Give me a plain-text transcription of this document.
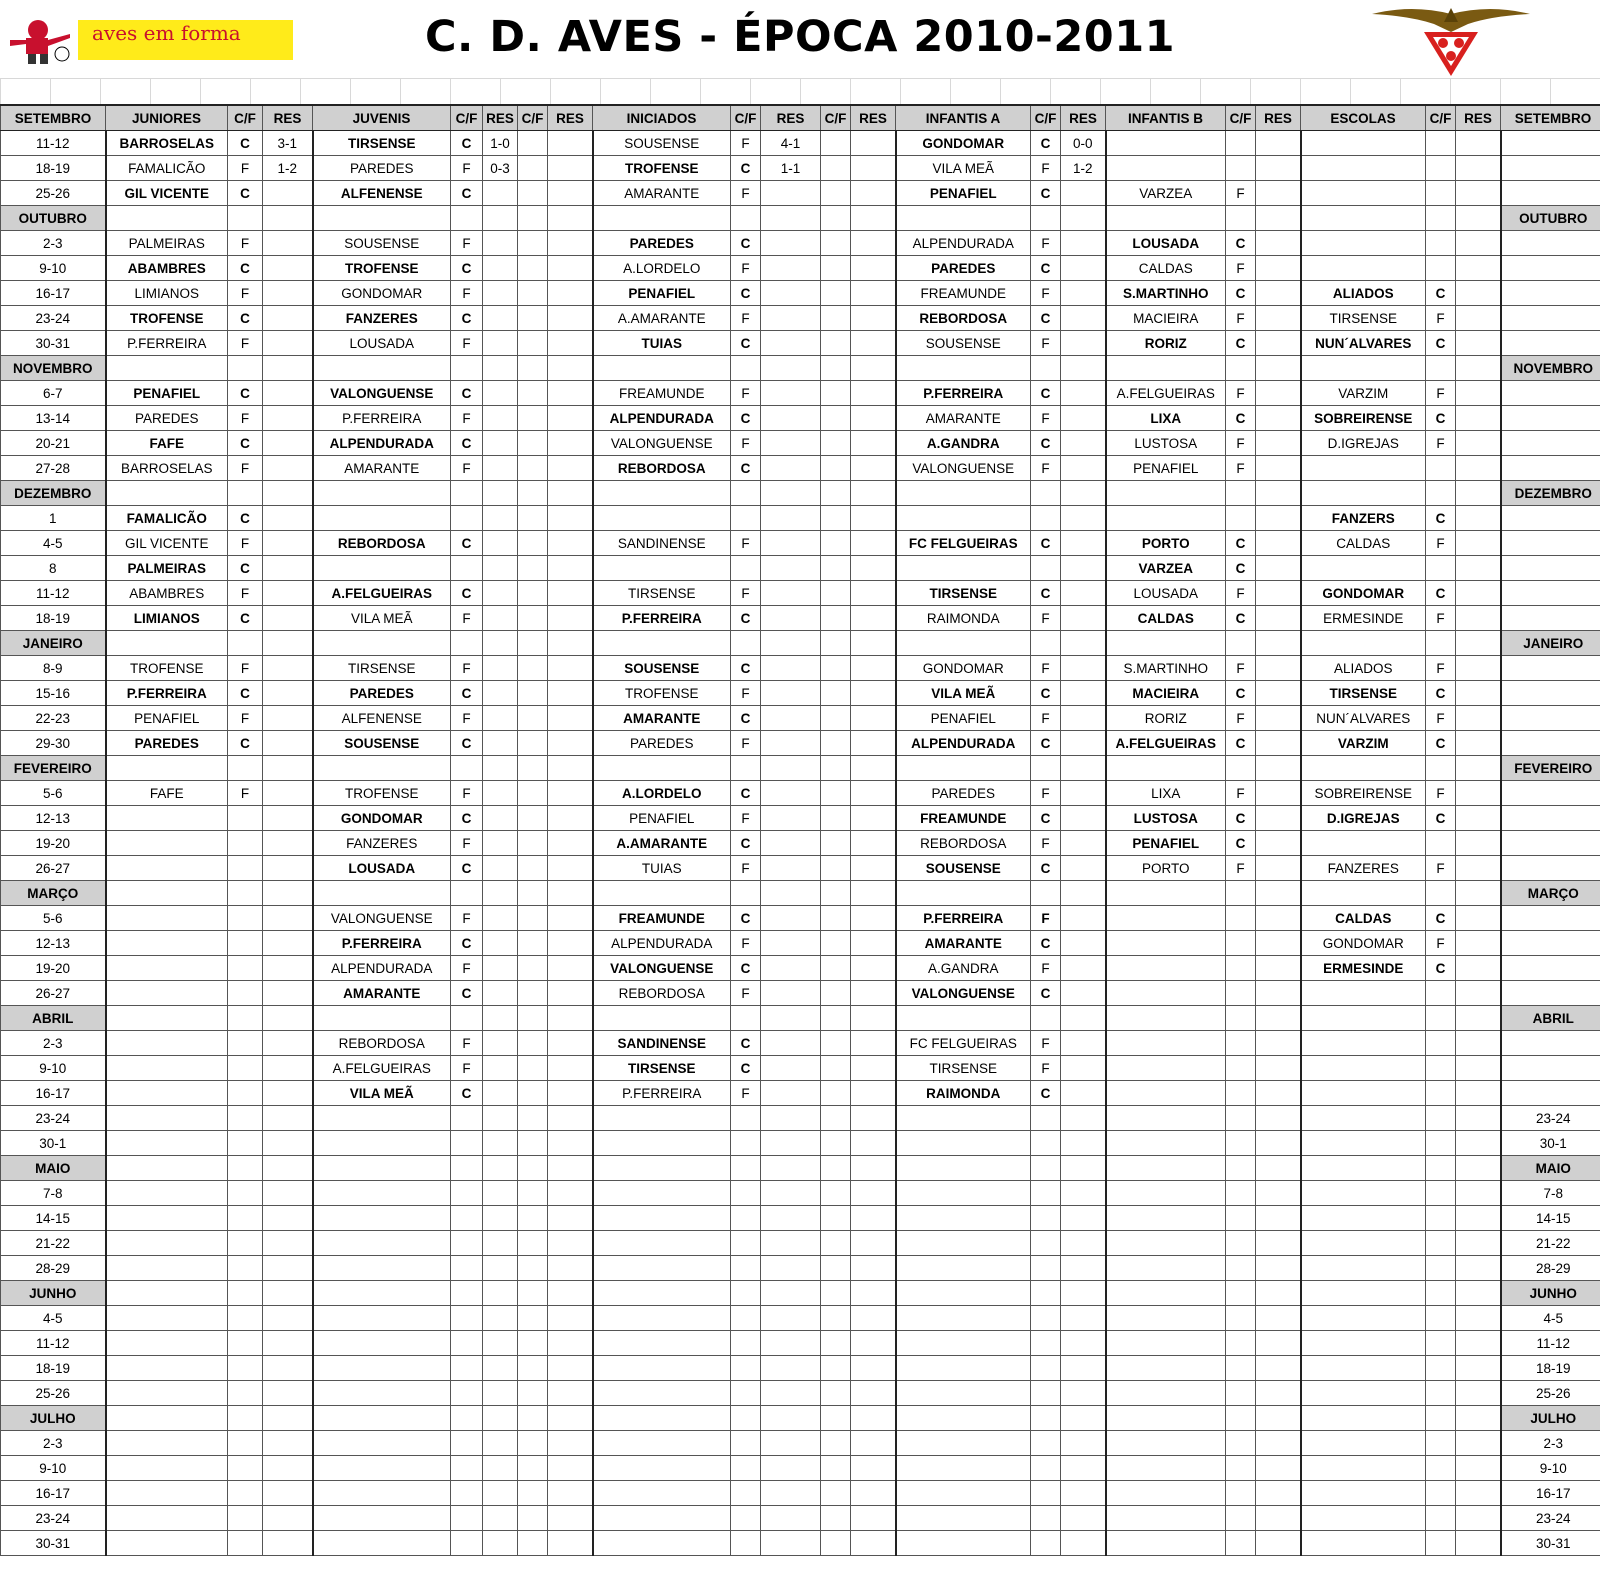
aves em forma	C. D. AVES - ÉPOCA 2010-2011
SETEMBRO	JUNIORES	C/F	RES	JUVENIS	C/F	RES	C/F	RES	INICIADOS	C/F	RES	C/F	RES	INFANTIS A	C/F	RES	INFANTIS B	C/F	RES	ESCOLAS	C/F	RES	SETEMBRO	
11-12	BARROSELAS	C	3-1	TIRSENSE	C	1-0			SOUSENSE	F	4-1			GONDOMAR	C	0-0								
18-19	FAMALICÃO	F	1-2	PAREDES	F	0-3			TROFENSE	C	1-1			VILA MEÃ	F	1-2								
25-26	GIL VICENTE	C		ALFENENSE	C				AMARANTE	F				PENAFIEL	C		VARZEA	F						
OUTUBRO																							OUTUBRO	
2-3	PALMEIRAS	F		SOUSENSE	F				PAREDES	C				ALPENDURADA	F		LOUSADA	C						
9-10	ABAMBRES	C		TROFENSE	C				A.LORDELO	F				PAREDES	C		CALDAS	F						
16-17	LIMIANOS	F		GONDOMAR	F				PENAFIEL	C				FREAMUNDE	F		S.MARTINHO	C		ALIADOS	C			
23-24	TROFENSE	C		FANZERES	C				A.AMARANTE	F				REBORDOSA	C		MACIEIRA	F		TIRSENSE	F			
30-31	P.FERREIRA	F		LOUSADA	F				TUIAS	C				SOUSENSE	F		RORIZ	C		NUN´ALVARES	C			
NOVEMBRO																							NOVEMBRO	
6-7	PENAFIEL	C		VALONGUENSE	C				FREAMUNDE	F				P.FERREIRA	C		A.FELGUEIRAS	F		VARZIM	F			
13-14	PAREDES	F		P.FERREIRA	F				ALPENDURADA	C				AMARANTE	F		LIXA	C		SOBREIRENSE	C			
20-21	FAFE	C		ALPENDURADA	C				VALONGUENSE	F				A.GANDRA	C		LUSTOSA	F		D.IGREJAS	F			
27-28	BARROSELAS	F		AMARANTE	F				REBORDOSA	C				VALONGUENSE	F		PENAFIEL	F						
DEZEMBRO																							DEZEMBRO	
1	FAMALICÃO	C																		FANZERS	C			
4-5	GIL VICENTE	F		REBORDOSA	C				SANDINENSE	F				FC FELGUEIRAS	C		PORTO	C		CALDAS	F			
8	PALMEIRAS	C															VARZEA	C						
11-12	ABAMBRES	F		A.FELGUEIRAS	C				TIRSENSE	F				TIRSENSE	C		LOUSADA	F		GONDOMAR	C			
18-19	LIMIANOS	C		VILA MEÃ	F				P.FERREIRA	C				RAIMONDA	F		CALDAS	C		ERMESINDE	F			
JANEIRO																							JANEIRO	
8-9	TROFENSE	F		TIRSENSE	F				SOUSENSE	C				GONDOMAR	F		S.MARTINHO	F		ALIADOS	F			
15-16	P.FERREIRA	C		PAREDES	C				TROFENSE	F				VILA MEÃ	C		MACIEIRA	C		TIRSENSE	C			
22-23	PENAFIEL	F		ALFENENSE	F				AMARANTE	C				PENAFIEL	F		RORIZ	F		NUN´ALVARES	F			
29-30	PAREDES	C		SOUSENSE	C				PAREDES	F				ALPENDURADA	C		A.FELGUEIRAS	C		VARZIM	C			
FEVEREIRO																							FEVEREIRO	
5-6	FAFE	F		TROFENSE	F				A.LORDELO	C				PAREDES	F		LIXA	F		SOBREIRENSE	F			
12-13				GONDOMAR	C				PENAFIEL	F				FREAMUNDE	C		LUSTOSA	C		D.IGREJAS	C			
19-20				FANZERES	F				A.AMARANTE	C				REBORDOSA	F		PENAFIEL	C						
26-27				LOUSADA	C				TUIAS	F				SOUSENSE	C		PORTO	F		FANZERES	F			
MARÇO																							MARÇO	
5-6				VALONGUENSE	F				FREAMUNDE	C				P.FERREIRA	F					CALDAS	C			
12-13				P.FERREIRA	C				ALPENDURADA	F				AMARANTE	C					GONDOMAR	F			
19-20				ALPENDURADA	F				VALONGUENSE	C				A.GANDRA	F					ERMESINDE	C			
26-27				AMARANTE	C				REBORDOSA	F				VALONGUENSE	C									
ABRIL																							ABRIL	
2-3				REBORDOSA	F				SANDINENSE	C				FC FELGUEIRAS	F									
9-10				A.FELGUEIRAS	F				TIRSENSE	C				TIRSENSE	F									
16-17				VILA MEÃ	C				P.FERREIRA	F				RAIMONDA	C									
23-24																							23-24	
30-1																							30-1	
MAIO																							MAIO	
7-8																							7-8	
14-15																							14-15	
21-22																							21-22	
28-29																							28-29	
JUNHO																							JUNHO	
4-5																							4-5	
11-12																							11-12	
18-19																							18-19	
25-26																							25-26	
JULHO																							JULHO	
2-3																							2-3	
9-10																							9-10	
16-17																							16-17	
23-24																							23-24	
30-31																							30-31	
